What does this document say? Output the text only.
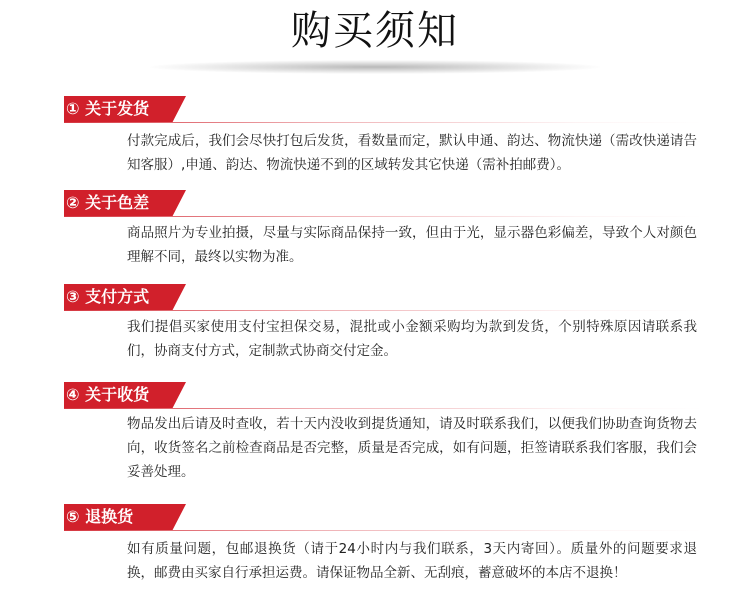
购买须知
① 关于发货
付款完成后，我们会尽快打包后发货，看数量而定，默认申通、韵达、物流快递（需改快递请告知客服）,申通、韵达、物流快递不到的区域转发其它快递（需补拍邮费）。
② 关于色差
商品照片为专业拍摄，尽量与实际商品保持一致，但由于光，显示器色彩偏差，导致个人对颜色理解不同，最终以实物为准。
③ 支付方式
我们提倡买家使用支付宝担保交易，混批或小金额采购均为款到发货，个别特殊原因请联系我们，协商支付方式，定制款式协商交付定金。
④ 关于收货
物品发出后请及时查收，若十天内没收到提货通知，请及时联系我们，以便我们协助查询货物去向，收货签名之前检查商品是否完整，质量是否完成，如有问题，拒签请联系我们客服，我们会妥善处理。
⑤ 退换货
如有质量问题，包邮退换货（请于24小时内与我们联系，3天内寄回）。质量外的问题要求退换，邮费由买家自行承担运费。请保证物品全新、无刮痕，蓄意破坏的本店不退换！
